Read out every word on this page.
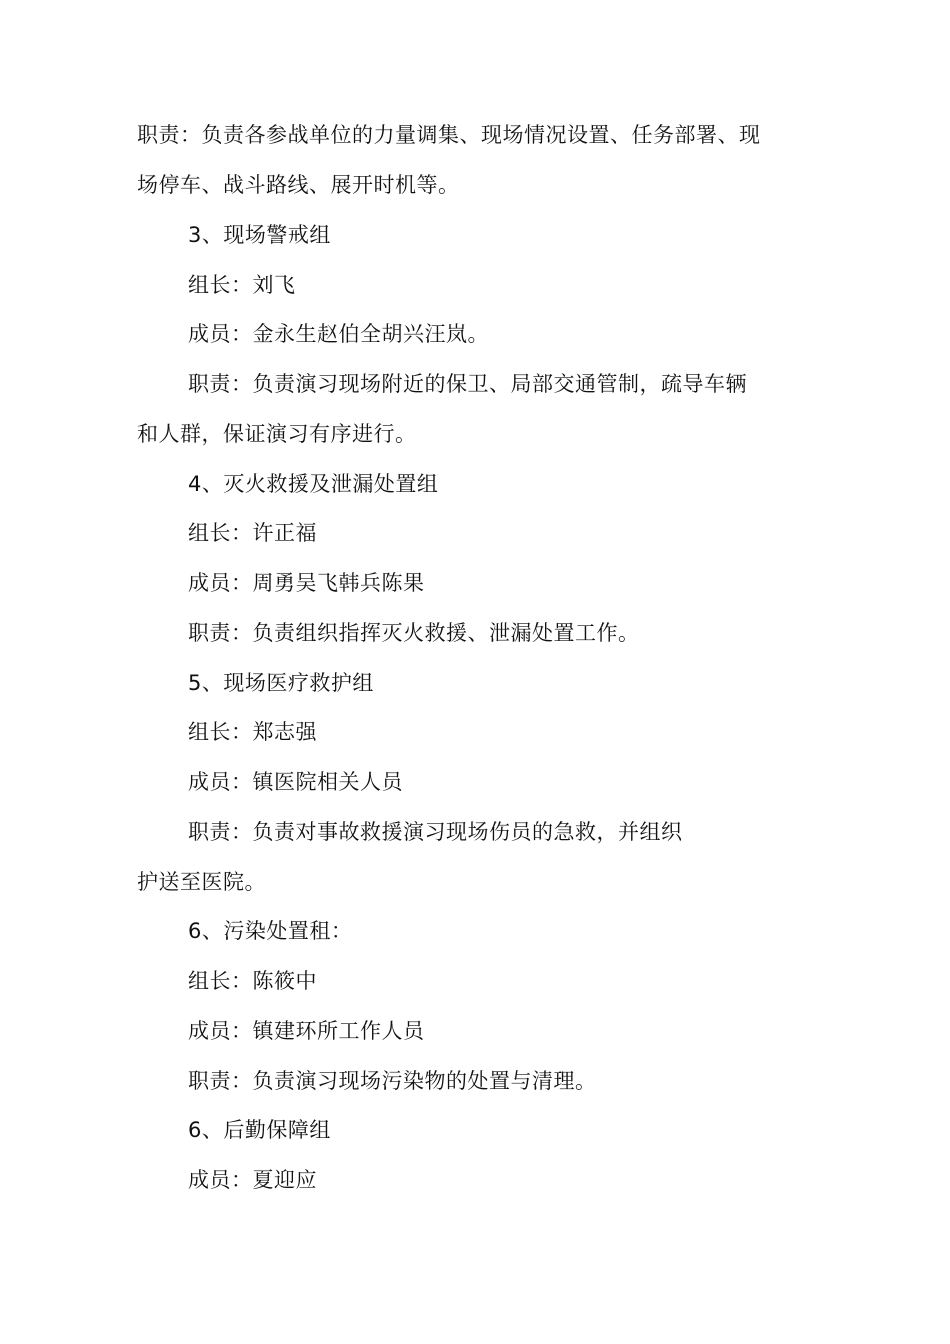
职责：负责各参战单位的力量调集、现场情况设置、任务部署、现
场停车、战斗路线、展开时机等。
3、现场警戒组
组长：刘飞
成员：金永生赵伯全胡兴汪岚。
职责：负责演习现场附近的保卫、局部交通管制，疏导车辆
和人群，保证演习有序进行。
4、灭火救援及泄漏处置组
组长：许正福
成员：周勇吴飞韩兵陈果
职责：负责组织指挥灭火救援、泄漏处置工作。
5、现场医疗救护组
组长：郑志强
成员：镇医院相关人员
职责：负责对事故救援演习现场伤员的急救，并组织
护送至医院。
6、污染处置租：
组长：陈筱中
成员：镇建环所工作人员
职责：负责演习现场污染物的处置与清理。
6、后勤保障组
成员：夏迎应
